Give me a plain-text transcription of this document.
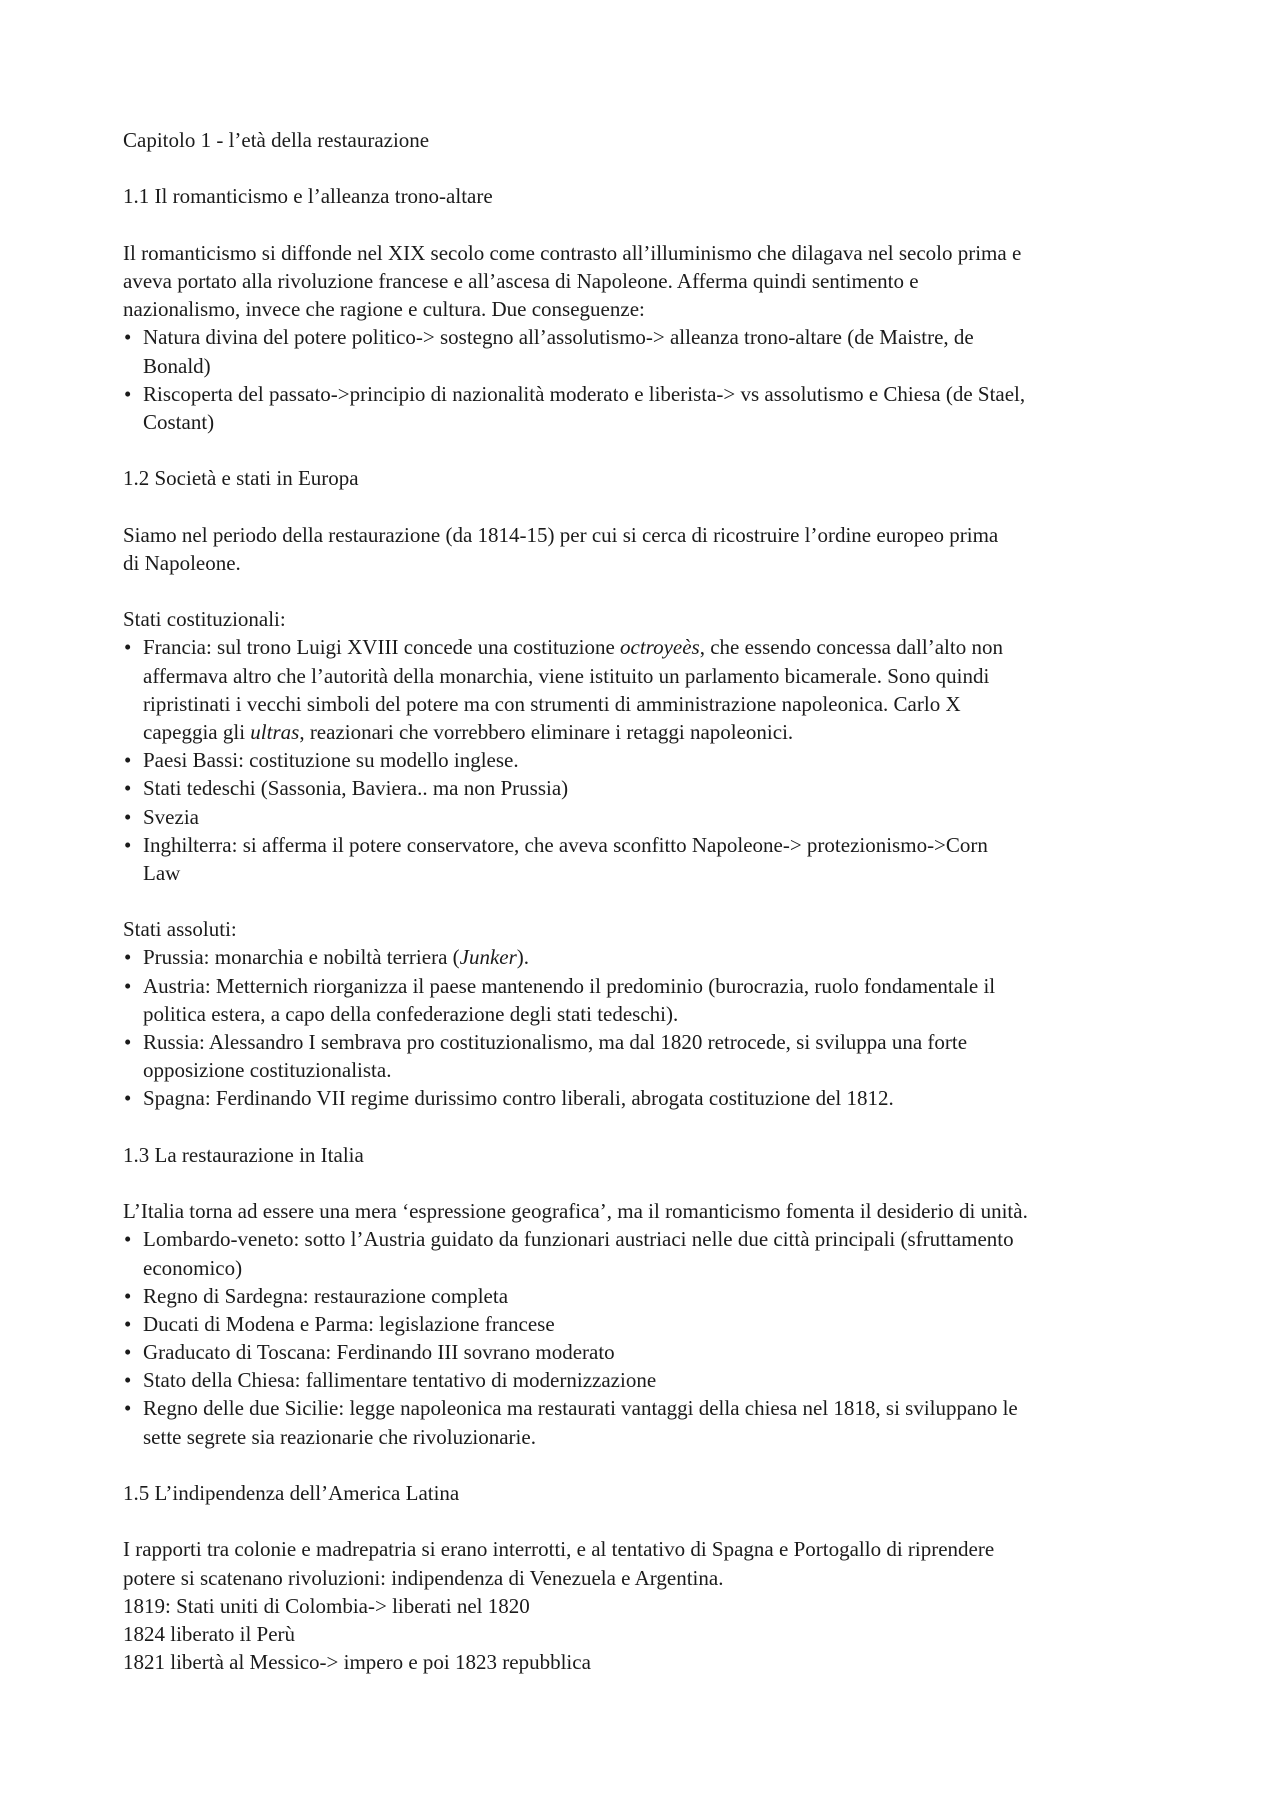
Capitolo 1 - l’età della restaurazione
1.1 Il romanticismo e l’alleanza trono-altare
Il romanticismo si diffonde nel XIX secolo come contrasto all’illuminismo che dilagava nel secolo prima e
aveva portato alla rivoluzione francese e all’ascesa di Napoleone. Afferma quindi sentimento e
nazionalismo, invece che ragione e cultura. Due conseguenze:
• Natura divina del potere politico-> sostegno all’assolutismo-> alleanza trono-altare (de Maistre, de
Bonald)
• Riscoperta del passato->principio di nazionalità moderato e liberista-> vs assolutismo e Chiesa (de Stael,
Costant)
1.2 Società e stati in Europa
Siamo nel periodo della restaurazione (da 1814-15) per cui si cerca di ricostruire l’ordine europeo prima
di Napoleone.
Stati costituzionali:
• Francia: sul trono Luigi XVIII concede una costituzione octroyeès, che essendo concessa dall’alto non
affermava altro che l’autorità della monarchia, viene istituito un parlamento bicamerale. Sono quindi
ripristinati i vecchi simboli del potere ma con strumenti di amministrazione napoleonica. Carlo X
capeggia gli ultras, reazionari che vorrebbero eliminare i retaggi napoleonici.
• Paesi Bassi: costituzione su modello inglese.
• Stati tedeschi (Sassonia, Baviera.. ma non Prussia)
• Svezia
• Inghilterra: si afferma il potere conservatore, che aveva sconfitto Napoleone-> protezionismo->Corn
Law
Stati assoluti:
• Prussia: monarchia e nobiltà terriera (Junker).
• Austria: Metternich riorganizza il paese mantenendo il predominio (burocrazia, ruolo fondamentale il
politica estera, a capo della confederazione degli stati tedeschi).
• Russia: Alessandro I sembrava pro costituzionalismo, ma dal 1820 retrocede, si sviluppa una forte
opposizione costituzionalista.
• Spagna: Ferdinando VII regime durissimo contro liberali, abrogata costituzione del 1812.
1.3 La restaurazione in Italia
L’Italia torna ad essere una mera ‘espressione geografica’, ma il romanticismo fomenta il desiderio di unità.
• Lombardo-veneto: sotto l’Austria guidato da funzionari austriaci nelle due città principali (sfruttamento
economico)
• Regno di Sardegna: restaurazione completa
• Ducati di Modena e Parma: legislazione francese
• Graducato di Toscana: Ferdinando III sovrano moderato
• Stato della Chiesa: fallimentare tentativo di modernizzazione
• Regno delle due Sicilie: legge napoleonica ma restaurati vantaggi della chiesa nel 1818, si sviluppano le
sette segrete sia reazionarie che rivoluzionarie.
1.5 L’indipendenza dell’America Latina
I rapporti tra colonie e madrepatria si erano interrotti, e al tentativo di Spagna e Portogallo di riprendere
potere si scatenano rivoluzioni: indipendenza di Venezuela e Argentina.
1819: Stati uniti di Colombia-> liberati nel 1820
1824 liberato il Perù
1821 libertà al Messico-> impero e poi 1823 repubblica
